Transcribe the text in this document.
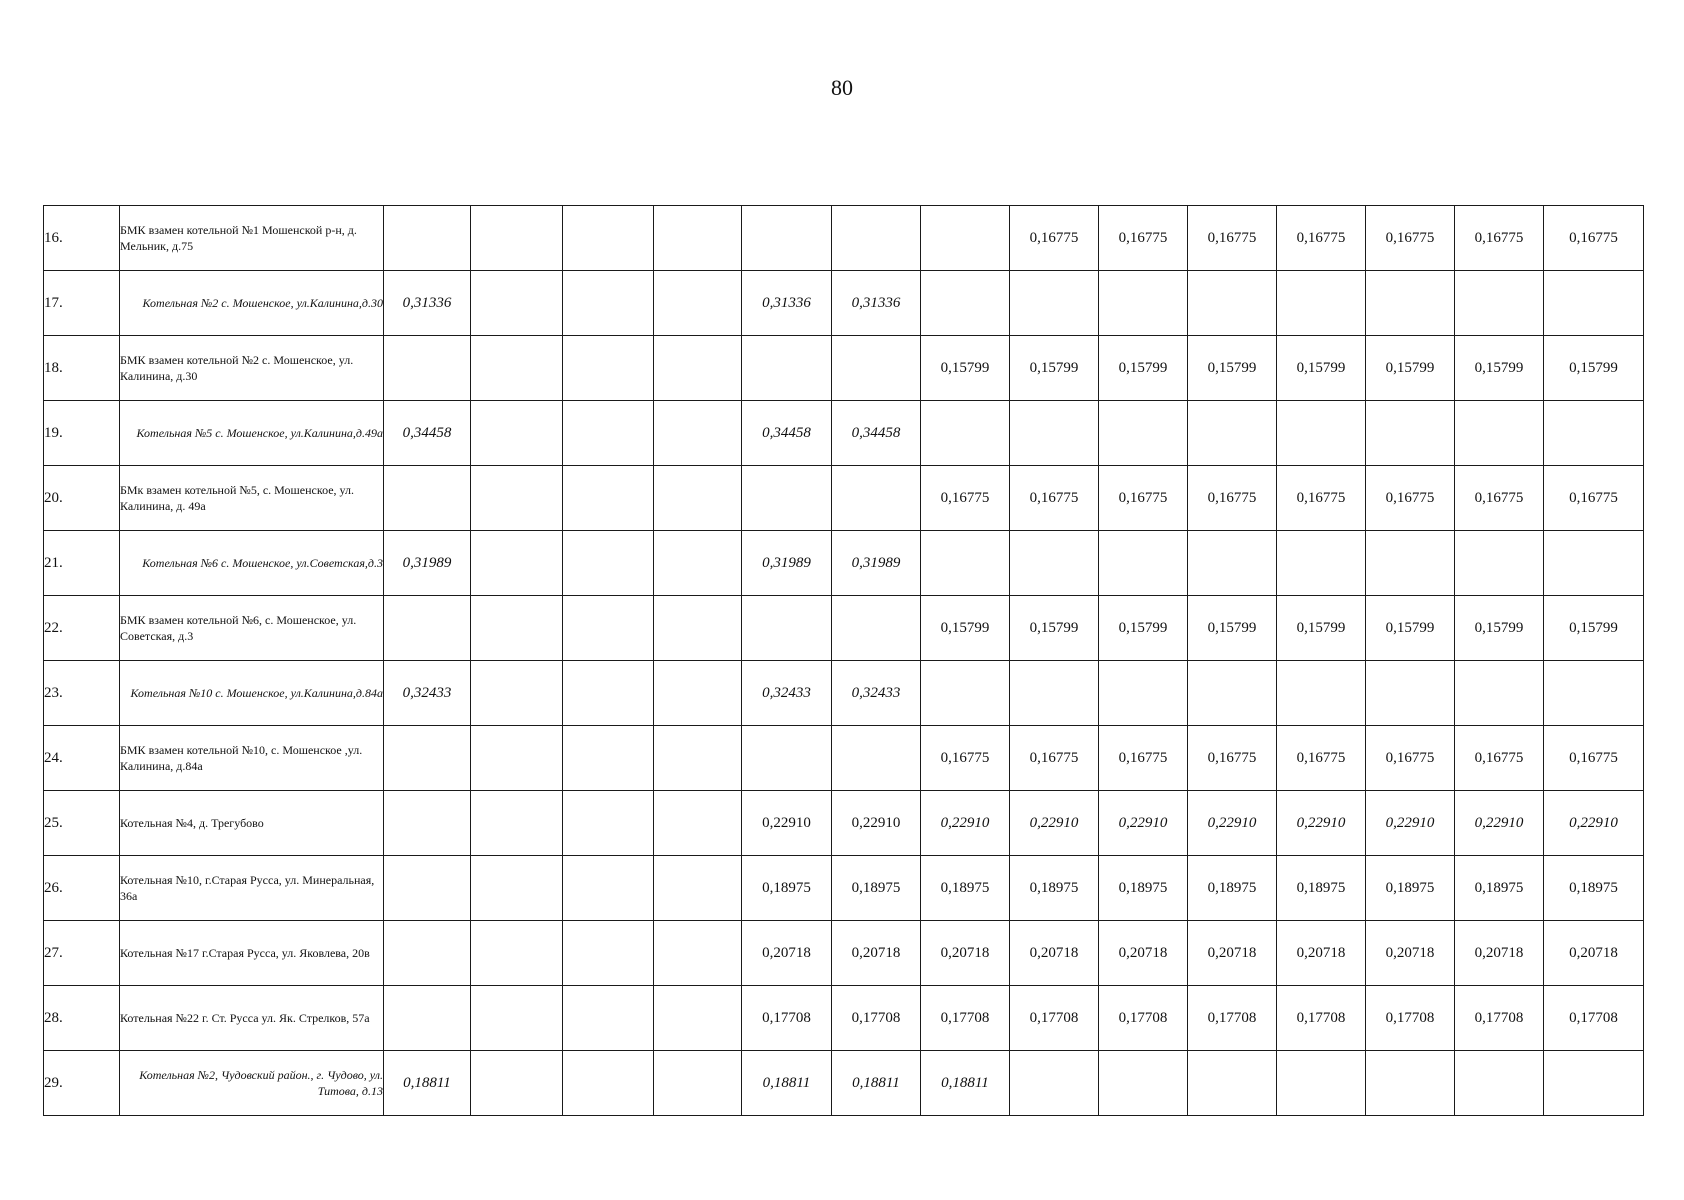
80
16.	БМК взамен котельной №1 Мошенской р-н, д. Мельник, д.75								0,16775	0,16775	0,16775	0,16775	0,16775	0,16775	0,16775
17.	Котельная №2 с. Мошенское, ул.Калинина,д.30	0,31336				0,31336	0,31336								
18.	БМК взамен котельной №2 с. Мошенское, ул. Калинина, д.30							0,15799	0,15799	0,15799	0,15799	0,15799	0,15799	0,15799	0,15799
19.	Котельная №5 с. Мошенское, ул.Калинина,д.49а	0,34458				0,34458	0,34458								
20.	БМк взамен котельной №5, с. Мошенское, ул. Калинина, д. 49а							0,16775	0,16775	0,16775	0,16775	0,16775	0,16775	0,16775	0,16775
21.	Котельная №6 с. Мошенское, ул.Советская,д.3	0,31989				0,31989	0,31989								
22.	БМК взамен котельной №6, с. Мошенское, ул. Советская, д.3							0,15799	0,15799	0,15799	0,15799	0,15799	0,15799	0,15799	0,15799
23.	Котельная №10 с. Мошенское, ул.Калинина,д.84а	0,32433				0,32433	0,32433								
24.	БМК взамен котельной №10, с. Мошенское ,ул. Калинина, д.84а							0,16775	0,16775	0,16775	0,16775	0,16775	0,16775	0,16775	0,16775
25.	Котельная №4, д. Трегубово					0,22910	0,22910	0,22910	0,22910	0,22910	0,22910	0,22910	0,22910	0,22910	0,22910
26.	Котельная №10, г.Старая Русса, ул. Минеральная, 36а					0,18975	0,18975	0,18975	0,18975	0,18975	0,18975	0,18975	0,18975	0,18975	0,18975
27.	Котельная №17 г.Старая Русса, ул. Яковлева, 20в					0,20718	0,20718	0,20718	0,20718	0,20718	0,20718	0,20718	0,20718	0,20718	0,20718
28.	Котельная №22 г. Ст. Русса ул. Як. Стрелков, 57а					0,17708	0,17708	0,17708	0,17708	0,17708	0,17708	0,17708	0,17708	0,17708	0,17708
29.	Котельная №2, Чудовский район., г. Чудово, ул. Титова, д.13	0,18811				0,18811	0,18811	0,18811							
